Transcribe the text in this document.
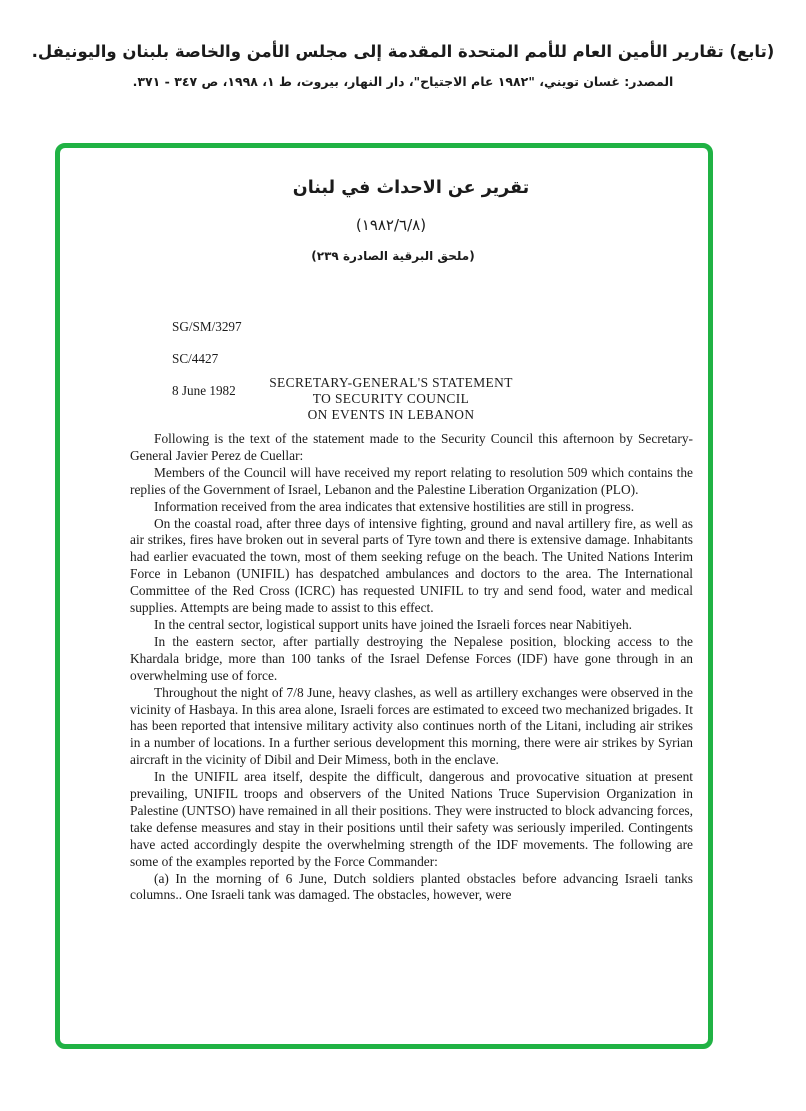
(تابع) تقارير الأمين العام للأمم المتحدة المقدمة إلى مجلس الأمن والخاصة بلبنان واليونيفل.
المصدر: غسان تويني، "١٩٨٢ عام الاجتياح"، دار النهار، بيروت، ط ١، ١٩٩٨، ص ٣٤٧ - ٣٧١.
تقرير عن الاحداث في لبنان
(١٩٨٢/٦/٨)
(ملحق البرقية الصادرة ٢٣٩)

SG/SM/3297

SC/4427

8 June 1982

SECRETARY-GENERAL'S STATEMENT
TO SECURITY COUNCIL
ON EVENTS IN LEBANON

Following is the text of the statement made to the Security Council this afternoon by Secretary-General Javier Perez de Cuellar:

Members of the Council will have received my report relating to resolution 509 which contains the replies of the Government of Israel, Lebanon and the Palestine Liberation Organization (PLO).

Information received from the area indicates that extensive hostilities are still in progress.

On the coastal road, after three days of intensive fighting, ground and naval artillery fire, as well as air strikes, fires have broken out in several parts of Tyre town and there is extensive damage. Inhabitants had earlier evacuated the town, most of them seeking refuge on the beach. The United Nations Interim Force in Lebanon (UNIFIL) has despatched ambulances and doctors to the area. The International Committee of the Red Cross (ICRC) has requested UNIFIL to try and send food, water and medical supplies. Attempts are being made to assist to this effect.

In the central sector, logistical support units have joined the Israeli forces near Nabitiyeh.

In the eastern sector, after partially destroying the Nepalese position, blocking access to the Khardala bridge, more than 100 tanks of the Israel Defense Forces (IDF) have gone through in an overwhelming use of force.

Throughout the night of 7/8 June, heavy clashes, as well as artillery exchanges were observed in the vicinity of Hasbaya. In this area alone, Israeli forces are estimated to exceed two mechanized brigades. It has been reported that intensive military activity also continues north of the Litani, including air strikes in a number of locations. In a further serious development this morning, there were air strikes by Syrian aircraft in the vicinity of Dibil and Deir Mimess, both in the enclave.

In the UNIFIL area itself, despite the difficult, dangerous and provocative situation at present prevailing, UNIFIL troops and observers of the United Nations Truce Supervision Organization in Palestine (UNTSO) have remained in all their positions. They were instructed to block advancing forces, take defense measures and stay in their positions until their safety was seriously imperiled. Contingents have acted accordingly despite the overwhelming strength of the IDF movements. The following are some of the examples reported by the Force Commander:

(a) In the morning of 6 June, Dutch soldiers planted obstacles before advancing Israeli tanks columns.. One Israeli tank was damaged. The obstacles, however, were
